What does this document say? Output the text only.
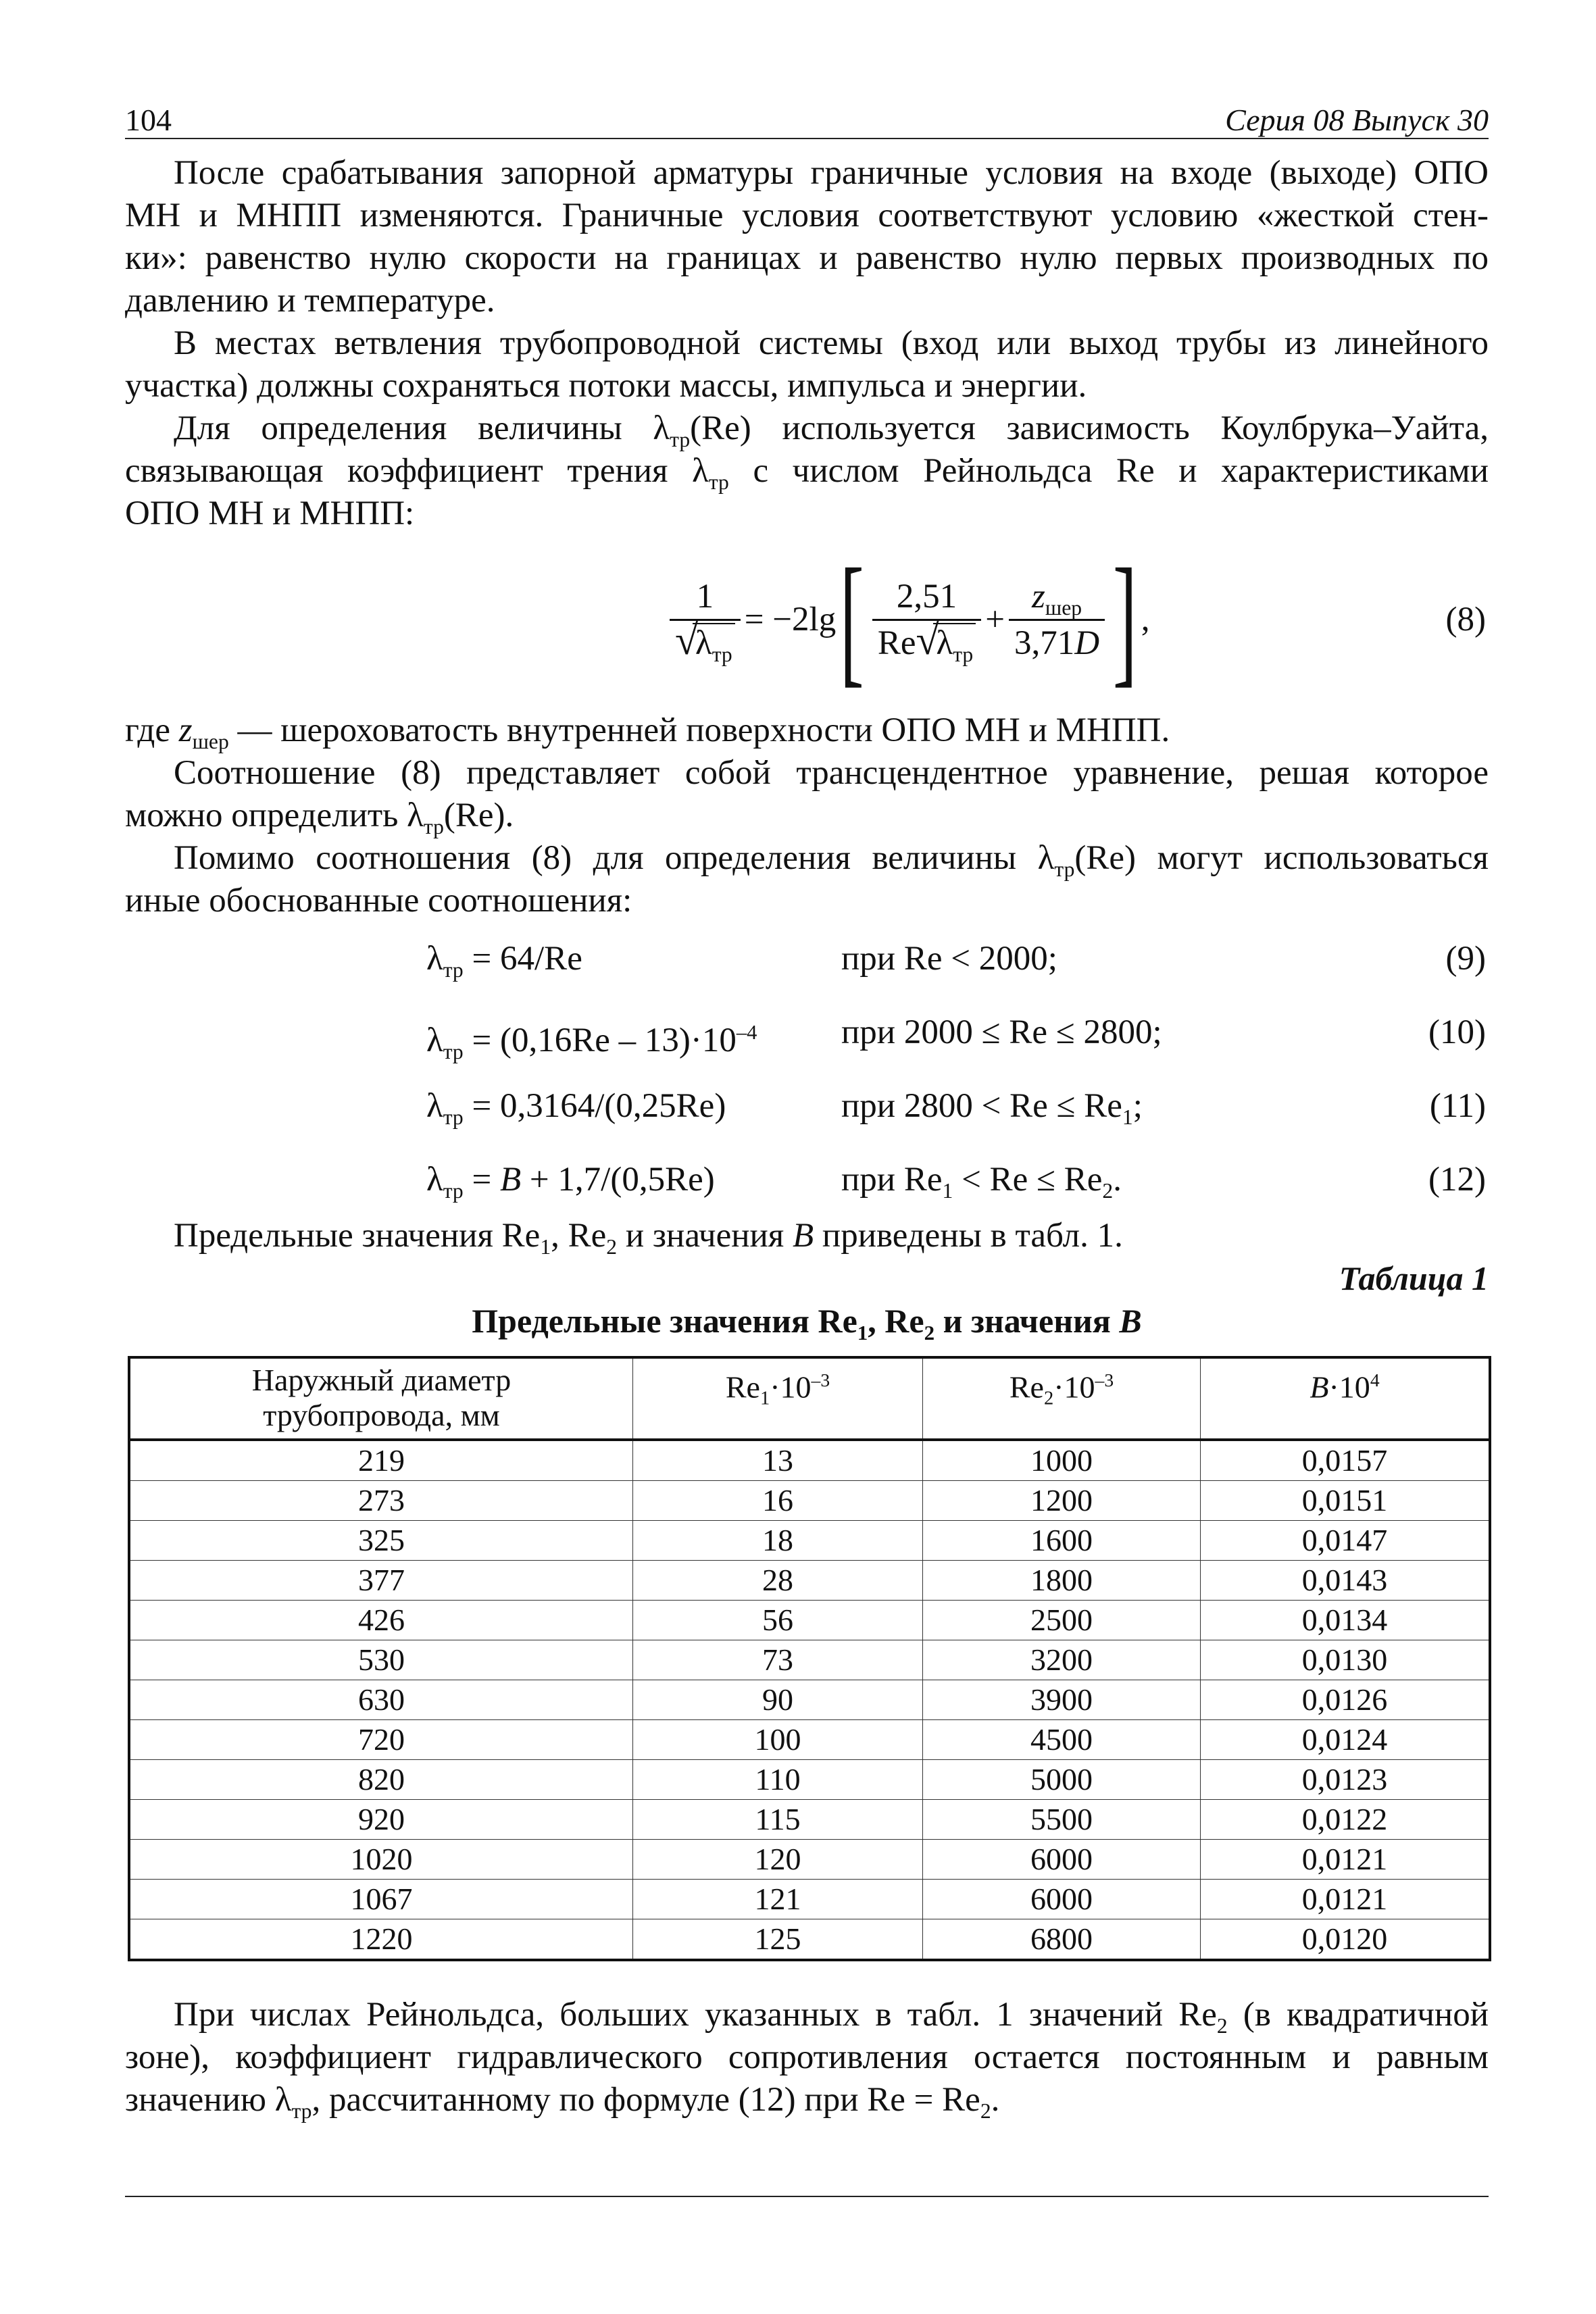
104	Серия 08 Выпуск 30
После срабатывания запорной арматуры граничные условия на входе (выходе) ОПО
МН и МНПП изменяются. Граничные условия соответствуют условию «жесткой стен-
ки»: равенство нулю скорости на границах и равенство нулю первых производных по
давлению и температуре.
В местах ветвления трубопроводной системы (вход или выход трубы из линейного
участка) должны сохраняться потоки массы, импульса и энергии.
Для определения величины $\lambda_{тр}(Re)$ используется зависимость Коулбрука–Уайта,
связывающая коэффициент трения $\lambda_{тр}$ с числом Рейнольдса Re и характеристиками
ОПО МН и МНПП:
1
√
$\lambda_{тр} = -2\lg$ [ 2,51
Re √
$\lambda_{тр} + \frac{z_{шер}}{3,71D}$ ] ,	(8)
где $z_{шер}$ — шероховатость внутренней поверхности ОПО МН и МНПП.
Соотношение (8) представляет собой трансцендентное уравнение, решая которое
можно определить $\lambda_{тр}(Re)$.
Помимо соотношения (8) для определения величины $\lambda_{тр}(Re)$ могут использоваться
иные обоснованные соотношения:
$\lambda_{тр} = 64/Re$	при Re < 2000;	(9)
$\lambda_{тр} = (0,16Re - 13)\cdot 10^{-4}$ при 2000 ≤ Re ≤ 2800;	(10)
$\lambda_{тр} = 0,3164/(0,25Re)$	при $2800 < Re \le Re_1$;	(11)
$\lambda_{тр} = B + 1,7/(0,5Re)$	при $Re_1 < Re \le Re_2$.	(12)
Предельные значения $Re_1$, $Re_2$ и значения B приведены в табл. 1.
Таблица 1
Предельные значения $Re_1$, $Re_2$ и значения B
Наружный диаметр
трубопровода, мм	$Re_1\cdot 10^{-3}$	$Re_2\cdot 10^{-3}$	$B\cdot 10^4$
219	13	1000	0,0157
273	16	1200	0,0151
325	18	1600	0,0147
377	28	1800	0,0143
426	56	2500	0,0134
530	73	3200	0,0130
630	90	3900	0,0126
720	100	4500	0,0124
820	110	5000	0,0123
920	115	5500	0,0122
1020	120	6000	0,0121
1067	121	6000	0,0121
1220	125	6800	0,0120
При числах Рейнольдса, больших указанных в табл. 1 значений $Re_2$ (в квадратичной
зоне), коэффициент гидравлического сопротивления остается постоянным и равным
значению $\lambda_{тр}$, рассчитанному по формуле (12) при $Re = Re_2$.
